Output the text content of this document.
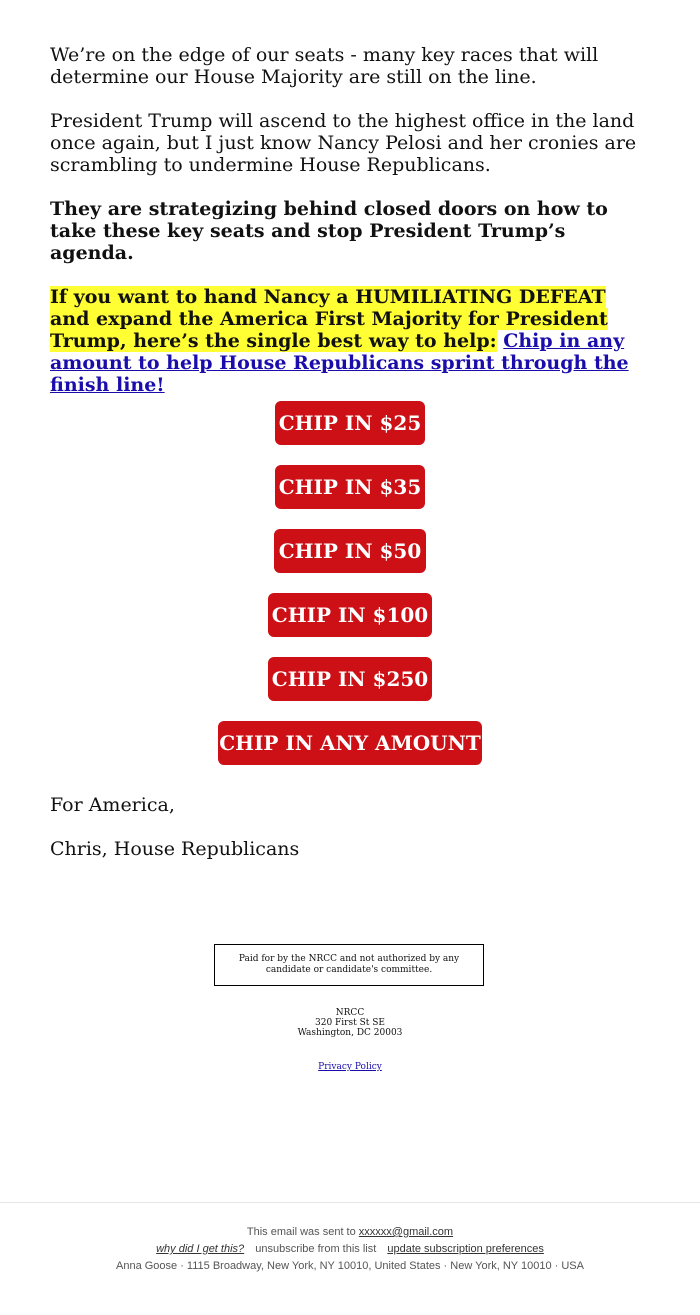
We’re on the edge of our seats - many key races that will determine our House Majority are still on the line.

President Trump will ascend to the highest office in the land once again, but I just know Nancy Pelosi and her cronies are scrambling to undermine House Republicans.

They are strategizing behind closed doors on how to take these key seats and stop President Trump’s agenda.

If you want to hand Nancy a HUMILIATING DEFEAT and expand the America First Majority for President Trump, here’s the single best way to help: Chip in any amount to help House Republicans sprint through the finish line!

CHIP IN $25
CHIP IN $35
CHIP IN $50
CHIP IN $100
CHIP IN $250
CHIP IN ANY AMOUNT

For America,

Chris, House Republicans

Paid for by the NRCC and not authorized by any candidate or candidate's committee.
NRCC
320 First St SE
Washington, DC 20003
Privacy Policy
This email was sent to xxxxxx@gmail.com
why did I get this? unsubscribe from this list update subscription preferences
Anna Goose · 1115 Broadway, New York, NY 10010, United States · New York, NY 10010 · USA
